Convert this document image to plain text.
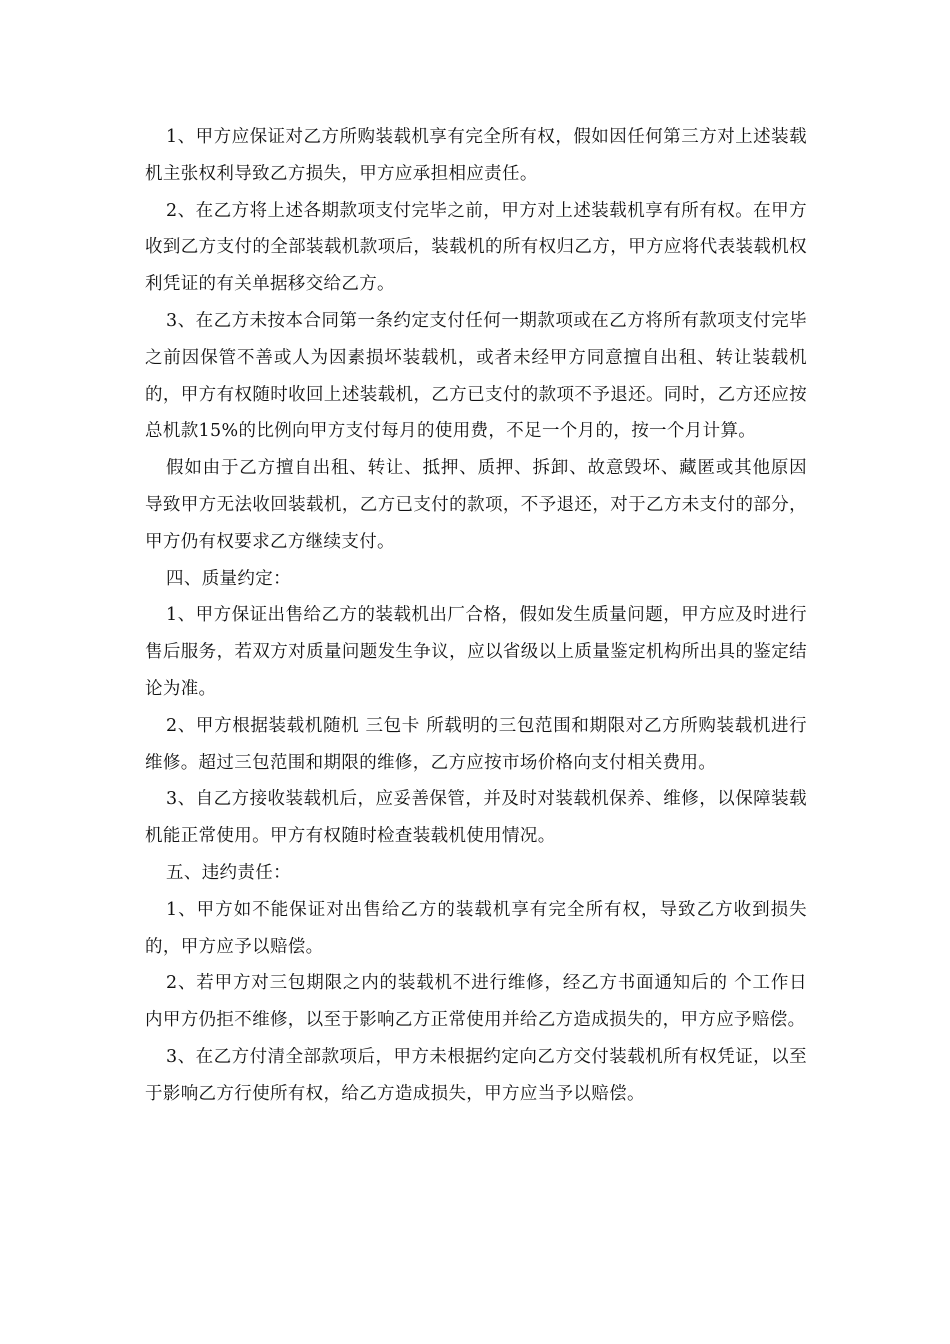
1、甲方应保证对乙方所购装载机享有完全所有权，假如因任何第三方对上述装载机主张权利导致乙方损失，甲方应承担相应责任。

2、在乙方将上述各期款项支付完毕之前，甲方对上述装载机享有所有权。在甲方收到乙方支付的全部装载机款项后，装载机的所有权归乙方，甲方应将代表装载机权利凭证的有关单据移交给乙方。

3、在乙方未按本合同第一条约定支付任何一期款项或在乙方将所有款项支付完毕之前因保管不善或人为因素损坏装载机，或者未经甲方同意擅自出租、转让装载机的，甲方有权随时收回上述装载机，乙方已支付的款项不予退还。同时，乙方还应按总机款15%的比例向甲方支付每月的使用费，不足一个月的，按一个月计算。

假如由于乙方擅自出租、转让、抵押、质押、拆卸、故意毁坏、藏匿或其他原因导致甲方无法收回装载机，乙方已支付的款项，不予退还，对于乙方未支付的部分，甲方仍有权要求乙方继续支付。

四、质量约定：

1、甲方保证出售给乙方的装载机出厂合格，假如发生质量问题，甲方应及时进行售后服务，若双方对质量问题发生争议，应以省级以上质量鉴定机构所出具的鉴定结论为准。

2、甲方根据装载机随机 三包卡 所载明的三包范围和期限对乙方所购装载机进行维修。超过三包范围和期限的维修，乙方应按市场价格向支付相关费用。

3、自乙方接收装载机后，应妥善保管，并及时对装载机保养、维修，以保障装载机能正常使用。甲方有权随时检查装载机使用情况。

五、违约责任：

1、甲方如不能保证对出售给乙方的装载机享有完全所有权，导致乙方收到损失的，甲方应予以赔偿。

2、若甲方对三包期限之内的装载机不进行维修，经乙方书面通知后的 个工作日内甲方仍拒不维修，以至于影响乙方正常使用并给乙方造成损失的，甲方应予赔偿。

3、在乙方付清全部款项后，甲方未根据约定向乙方交付装载机所有权凭证，以至于影响乙方行使所有权，给乙方造成损失，甲方应当予以赔偿。
